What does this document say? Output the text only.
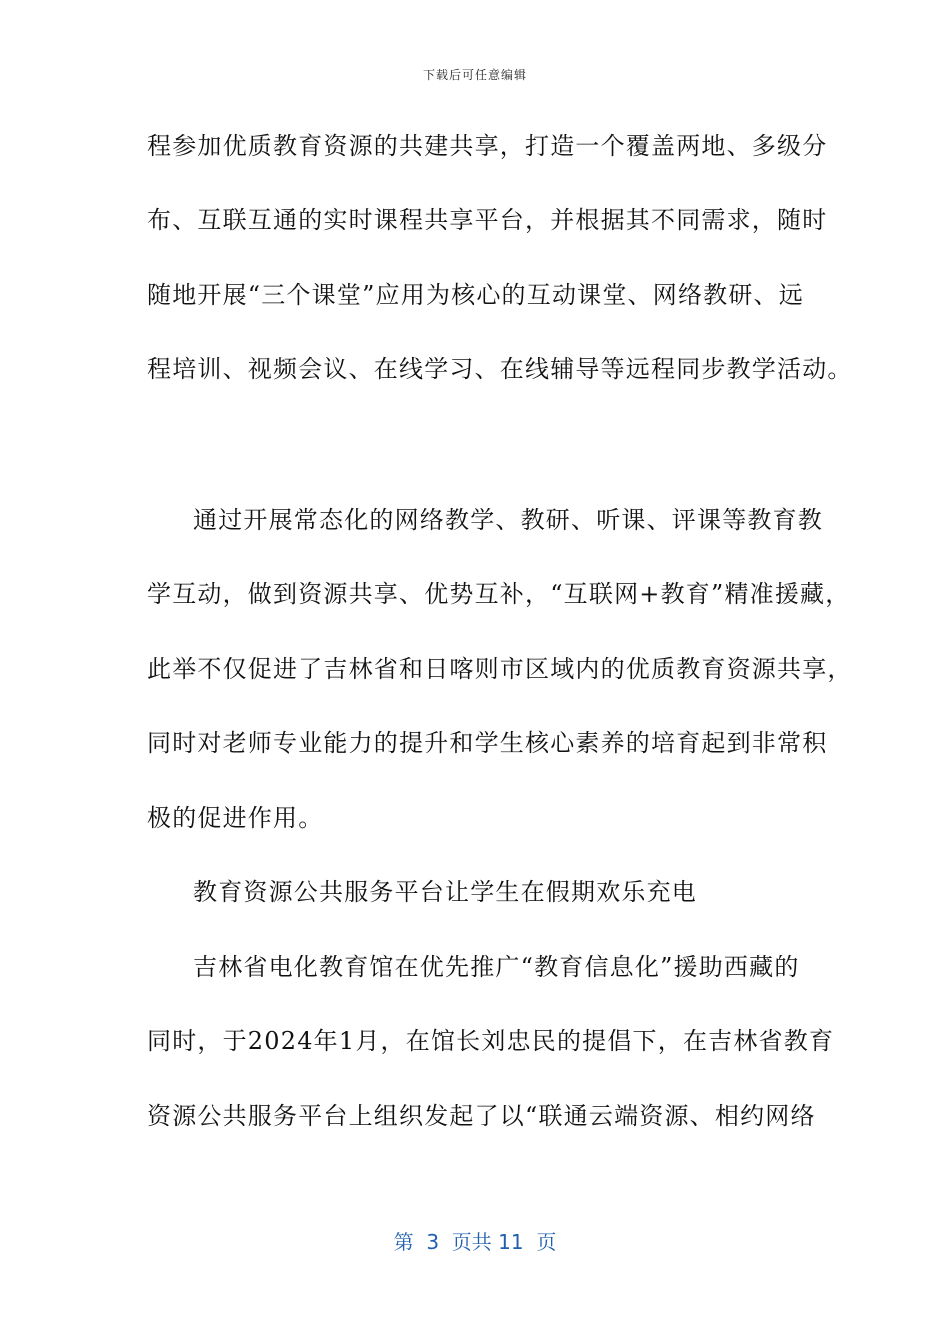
下载后可任意编辑
程参加优质教育资源的共建共享，打造一个覆盖两地、多级分
布、互联互通的实时课程共享平台，并根据其不同需求，随时
随地开展“三个课堂”应用为核心的互动课堂、网络教研、远
程培训、视频会议、在线学习、在线辅导等远程同步教学活动。
通过开展常态化的网络教学、教研、听课、评课等教育教
学互动，做到资源共享、优势互补，“互联网+教育”精准援藏，
此举不仅促进了吉林省和日喀则市区域内的优质教育资源共享，
同时对老师专业能力的提升和学生核心素养的培育起到非常积
极的促进作用。
教育资源公共服务平台让学生在假期欢乐充电
吉林省电化教育馆在优先推广“教育信息化”援助西藏的
同时，于2024年1月，在馆长刘忠民的提倡下，在吉林省教育
资源公共服务平台上组织发起了以“联通云端资源、相约网络
第  3  页共 11  页
